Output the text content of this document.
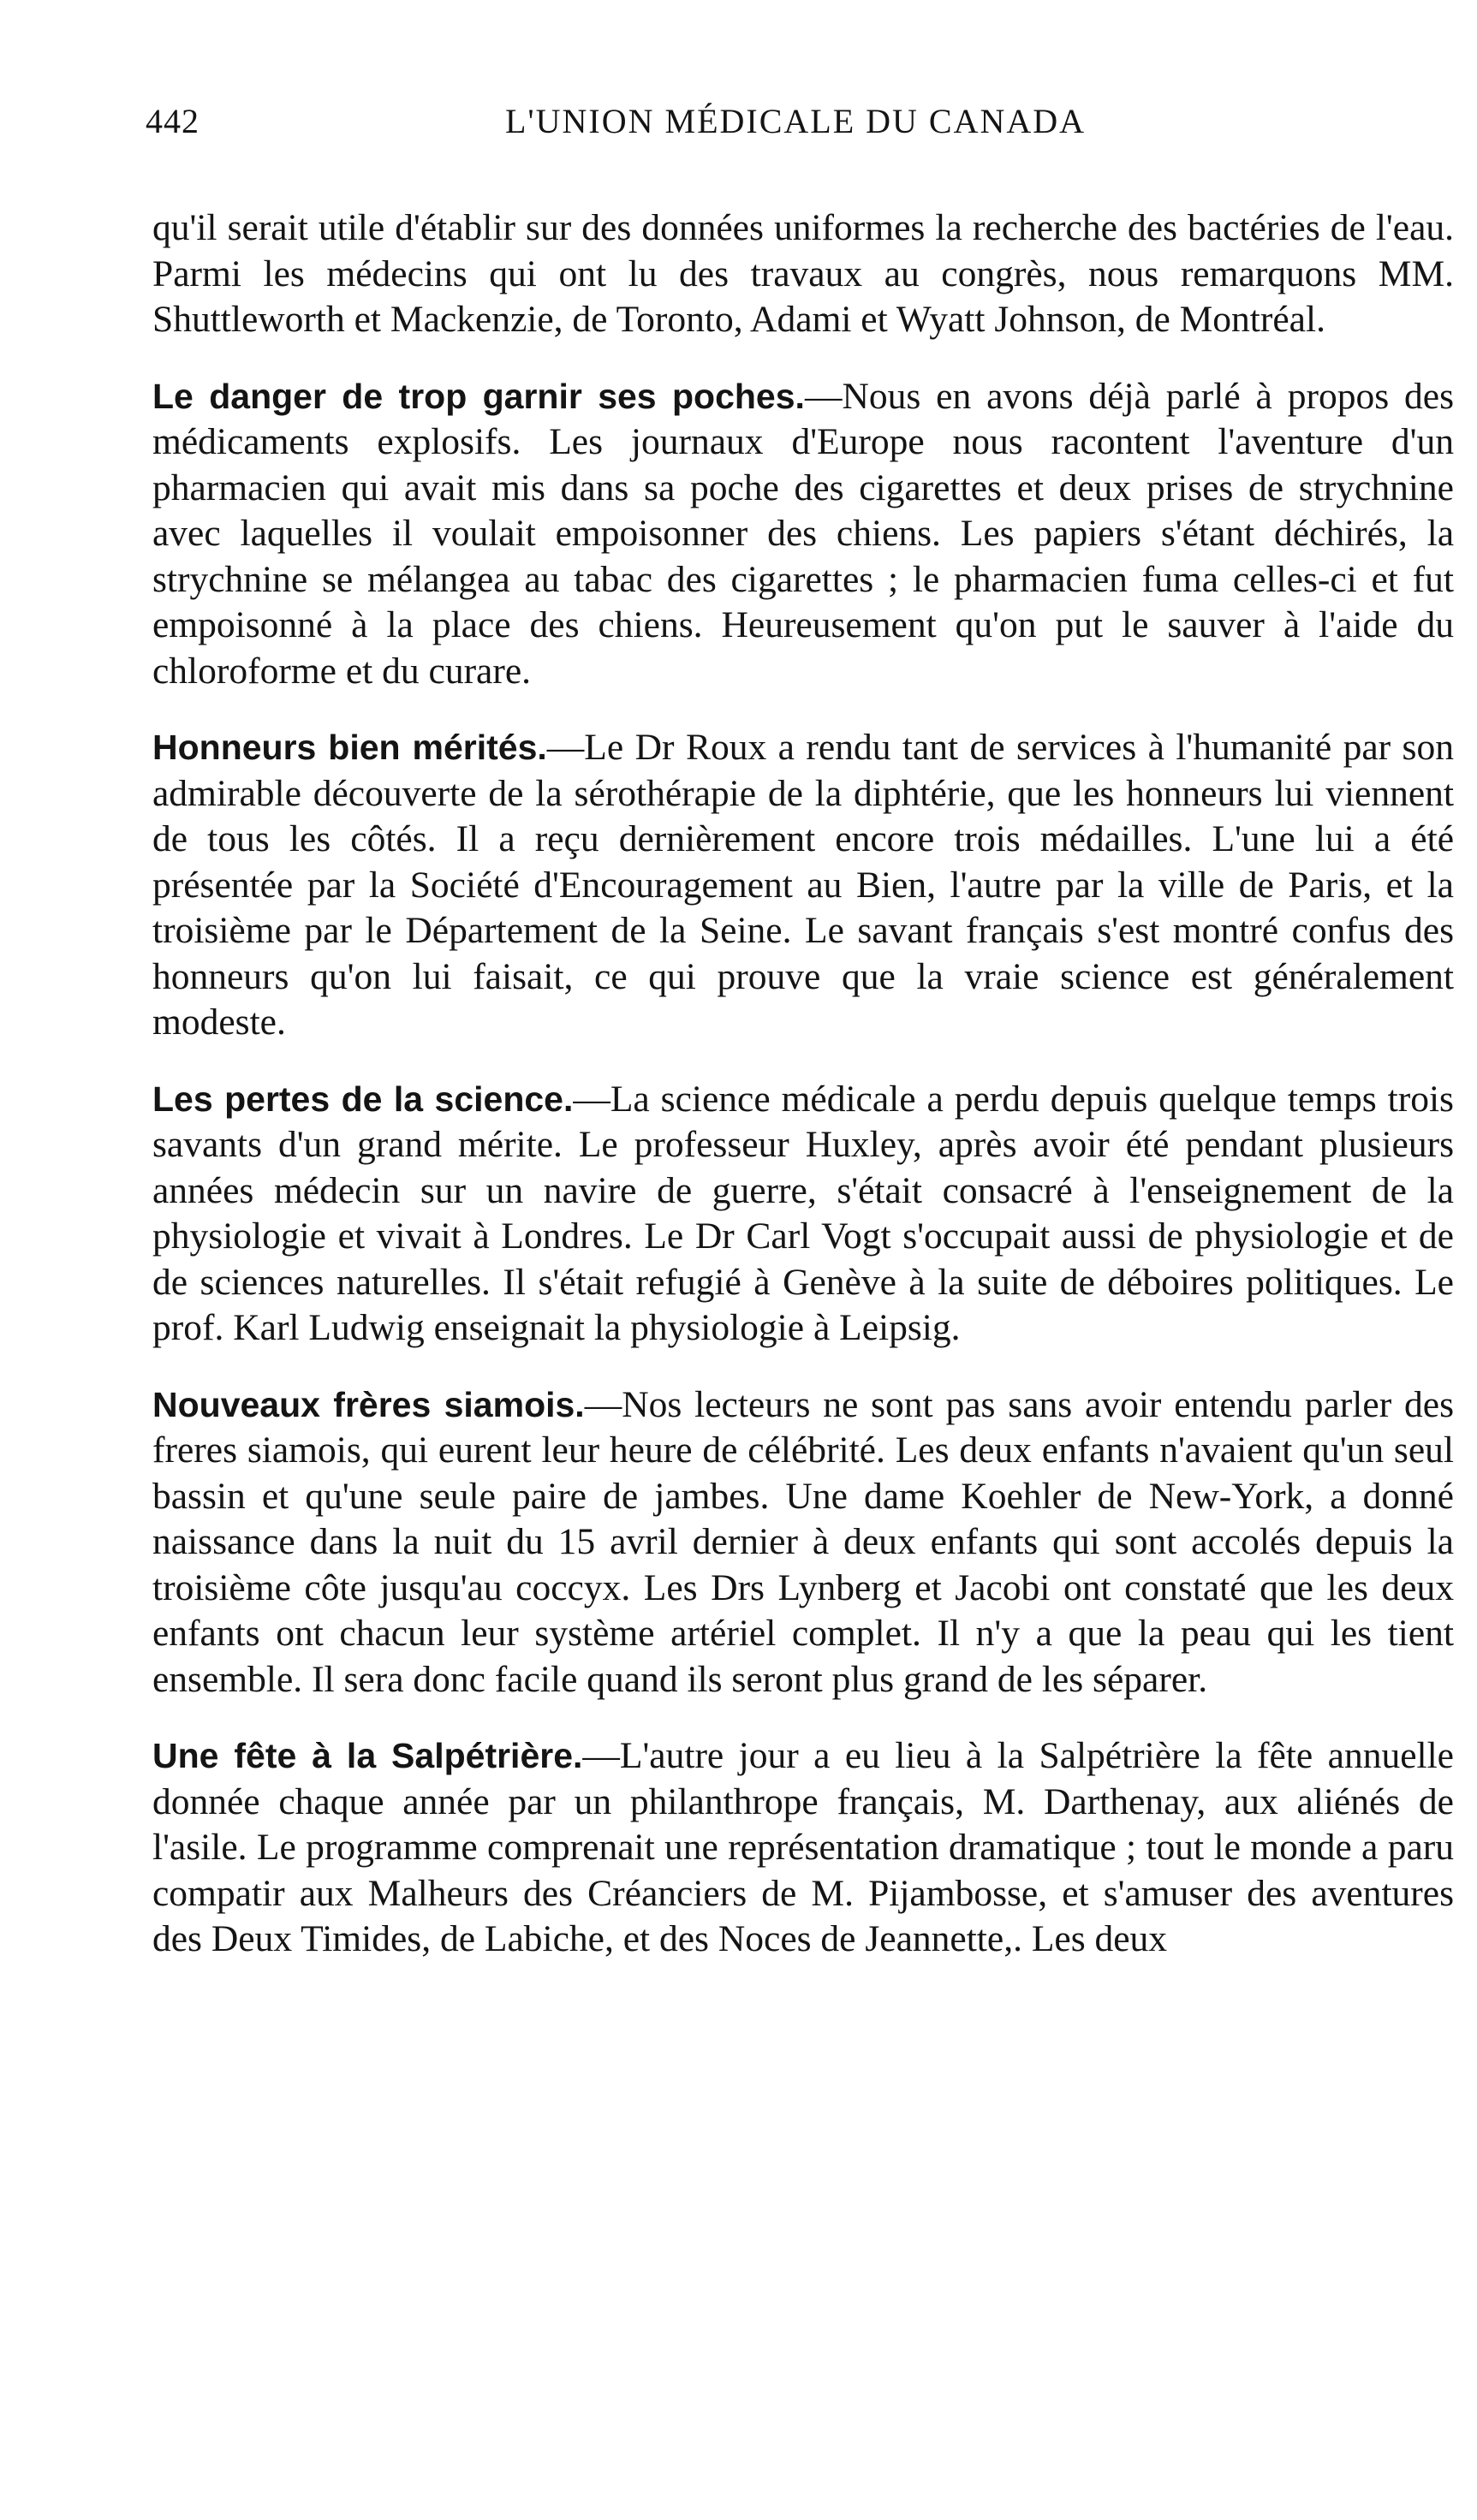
442	L'UNION MÉDICALE DU CANADA

qu'il serait utile d'établir sur des données uniformes la recherche des bactéries de l'eau. Parmi les médecins qui ont lu des travaux au congrès, nous remarquons MM. Shuttleworth et Mackenzie, de Toronto, Adami et Wyatt Johnson, de Montréal.

Le danger de trop garnir ses poches.—Nous en avons déjà parlé à propos des médicaments explosifs. Les journaux d'Europe nous racontent l'aventure d'un pharmacien qui avait mis dans sa poche des cigarettes et deux prises de strychnine avec laquelles il voulait empoisonner des chiens. Les papiers s'étant déchirés, la strychnine se mélangea au tabac des cigarettes ; le pharmacien fuma celles-ci et fut empoisonné à la place des chiens. Heureusement qu'on put le sauver à l'aide du chloroforme et du curare.

Honneurs bien mérités.—Le Dr Roux a rendu tant de services à l'humanité par son admirable découverte de la sérothérapie de la diphtérie, que les honneurs lui viennent de tous les côtés. Il a reçu dernièrement encore trois médailles. L'une lui a été présentée par la Société d'Encouragement au Bien, l'autre par la ville de Paris, et la troisième par le Département de la Seine. Le savant français s'est montré confus des honneurs qu'on lui faisait, ce qui prouve que la vraie science est généralement modeste.

Les pertes de la science.—La science médicale a perdu depuis quelque temps trois savants d'un grand mérite. Le professeur Huxley, après avoir été pendant plusieurs années médecin sur un navire de guerre, s'était consacré à l'enseignement de la physiologie et vivait à Londres. Le Dr Carl Vogt s'occupait aussi de physiologie et de de sciences naturelles. Il s'était refugié à Genève à la suite de déboires politiques. Le prof. Karl Ludwig enseignait la physiologie à Leipsig.

Nouveaux frères siamois.—Nos lecteurs ne sont pas sans avoir entendu parler des freres siamois, qui eurent leur heure de célébrité. Les deux enfants n'avaient qu'un seul bassin et qu'une seule paire de jambes. Une dame Koehler de New-York, a donné naissance dans la nuit du 15 avril dernier à deux enfants qui sont accolés depuis la troisième côte jusqu'au coccyx. Les Drs Lynberg et Jacobi ont constaté que les deux enfants ont chacun leur système artériel complet. Il n'y a que la peau qui les tient ensemble. Il sera donc facile quand ils seront plus grand de les séparer.

Une fête à la Salpétrière.—L'autre jour a eu lieu à la Salpétrière la fête annuelle donnée chaque année par un philanthrope français, M. Darthenay, aux aliénés de l'asile. Le programme comprenait une représentation dramatique ; tout le monde a paru compatir aux Malheurs des Créanciers de M. Pijambosse, et s'amuser des aventures des Deux Timides, de Labiche, et des Noces de Jeannette,. Les deux
